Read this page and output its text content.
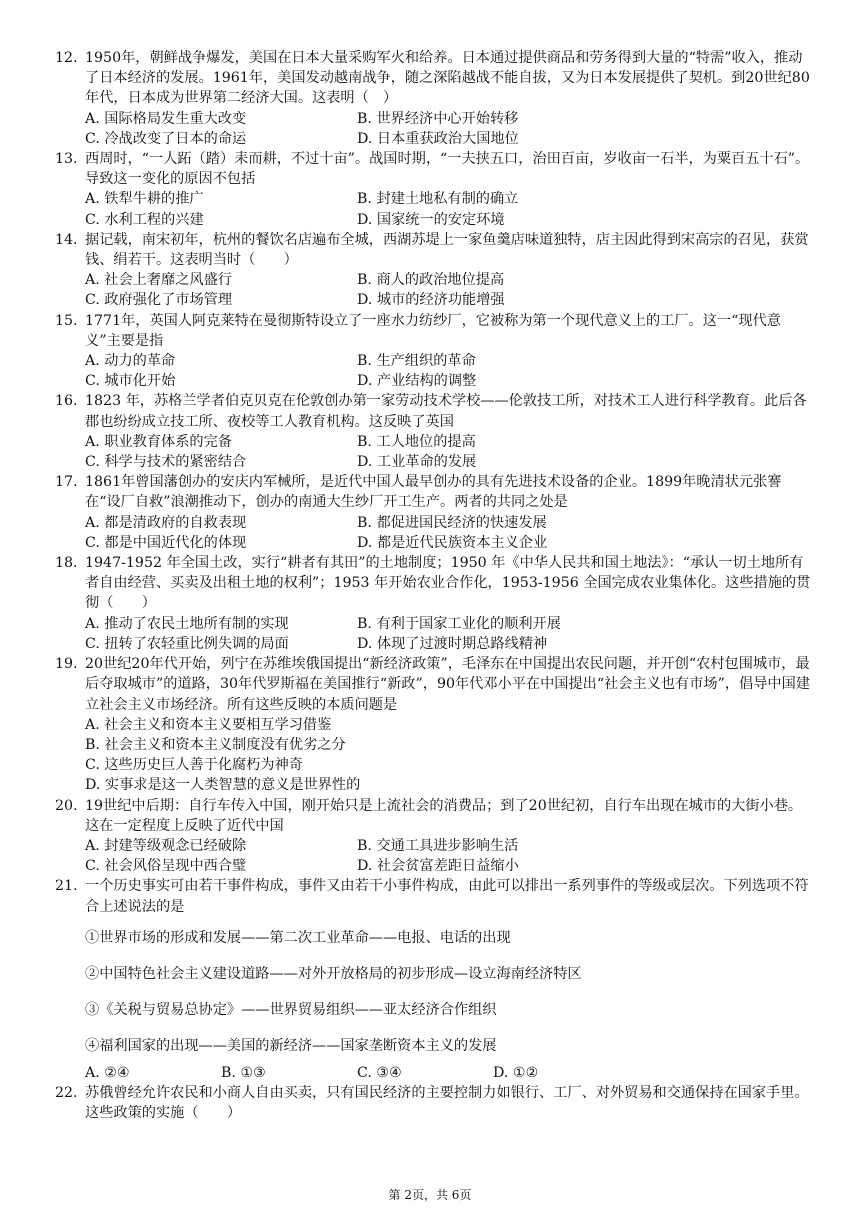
12. 1950年，朝鲜战争爆发，美国在日本大量采购军火和给养。日本通过提供商品和劳务得到大量的“特需”收入，推动了日本经济的发展。1961年，美国发动越南战争，随之深陷越战不能自拔，又为日本发展提供了契机。到20世纪80年代，日本成为世界第二经济大国。这表明（　）
A. 国际格局发生重大改变	B. 世界经济中心开始转移
C. 冷战改变了日本的命运	D. 日本重获政治大国地位
13. 西周时，“一人跖（踏）耒而耕，不过十亩”。战国时期，“一夫挟五口，治田百亩，岁收亩一石半，为粟百五十石”。导致这一变化的原因不包括
A. 铁犁牛耕的推广	B. 封建土地私有制的确立
C. 水利工程的兴建	D. 国家统一的安定环境
14. 据记载，南宋初年，杭州的餐饮名店遍布全城，西湖苏堤上一家鱼羹店味道独特，店主因此得到宋高宗的召见，获赏钱、绢若干。这表明当时（　　）
A. 社会上奢靡之风盛行	B. 商人的政治地位提高
C. 政府强化了市场管理	D. 城市的经济功能增强
15. 1771年，英国人阿克莱特在曼彻斯特设立了一座水力纺纱厂，它被称为第一个现代意义上的工厂。这一“现代意义”主要是指
A. 动力的革命	B. 生产组织的革命
C. 城市化开始	D. 产业结构的调整
16. 1823 年，苏格兰学者伯克贝克在伦敦创办第一家劳动技术学校——伦敦技工所，对技术工人进行科学教育。此后各郡也纷纷成立技工所、夜校等工人教育机构。这反映了英国
A. 职业教育体系的完备	B. 工人地位的提高
C. 科学与技术的紧密结合	D. 工业革命的发展
17. 1861年曾国藩创办的安庆内军械所，是近代中国人最早创办的具有先进技术设备的企业。1899年晚清状元张謇在“设厂自救”浪潮推动下，创办的南通大生纱厂开工生产。两者的共同之处是
A. 都是清政府的自救表现	B. 都促进国民经济的快速发展
C. 都是中国近代化的体现	D. 都是近代民族资本主义企业
18. 1947-1952 年全国土改，实行“耕者有其田”的土地制度；1950 年《中华人民共和国土地法》：“承认一切土地所有者自由经营、买卖及出租土地的权利”；1953 年开始农业合作化，1953-1956 全国完成农业集体化。这些措施的贯彻（　　）
A. 推动了农民土地所有制的实现	B. 有利于国家工业化的顺利开展
C. 扭转了农轻重比例失调的局面	D. 体现了过渡时期总路线精神
19. 20世纪20年代开始，列宁在苏维埃俄国提出“新经济政策”，毛泽东在中国提出农民问题，并开创“农村包围城市，最后夺取城市”的道路，30年代罗斯福在美国推行“新政”，90年代邓小平在中国提出“社会主义也有市场”，倡导中国建立社会主义市场经济。所有这些反映的本质问题是
A. 社会主义和资本主义要相互学习借鉴
B. 社会主义和资本主义制度没有优劣之分
C. 这些历史巨人善于化腐朽为神奇
D. 实事求是这一人类智慧的意义是世界性的
20. 19世纪中后期：自行车传入中国，刚开始只是上流社会的消费品；到了20世纪初，自行车出现在城市的大街小巷。这在一定程度上反映了近代中国
A. 封建等级观念已经破除	B. 交通工具进步影响生活
C. 社会风俗呈现中西合璧	D. 社会贫富差距日益缩小
21. 一个历史事实可由若干事件构成，事件又由若干小事件构成，由此可以排出一系列事件的等级或层次。下列选项不符合上述说法的是
①世界市场的形成和发展——第二次工业革命——电报、电话的出现
②中国特色社会主义建设道路——对外开放格局的初步形成—设立海南经济特区
③《关税与贸易总协定》——世界贸易组织——亚太经济合作组织
④福利国家的出现——美国的新经济——国家垄断资本主义的发展
A. ②④	B. ①③	C. ③④	D. ①②
22. 苏俄曾经允许农民和小商人自由买卖，只有国民经济的主要控制力如银行、工厂、对外贸易和交通保持在国家手里。这些政策的实施（　　）
第 2页，共 6页
